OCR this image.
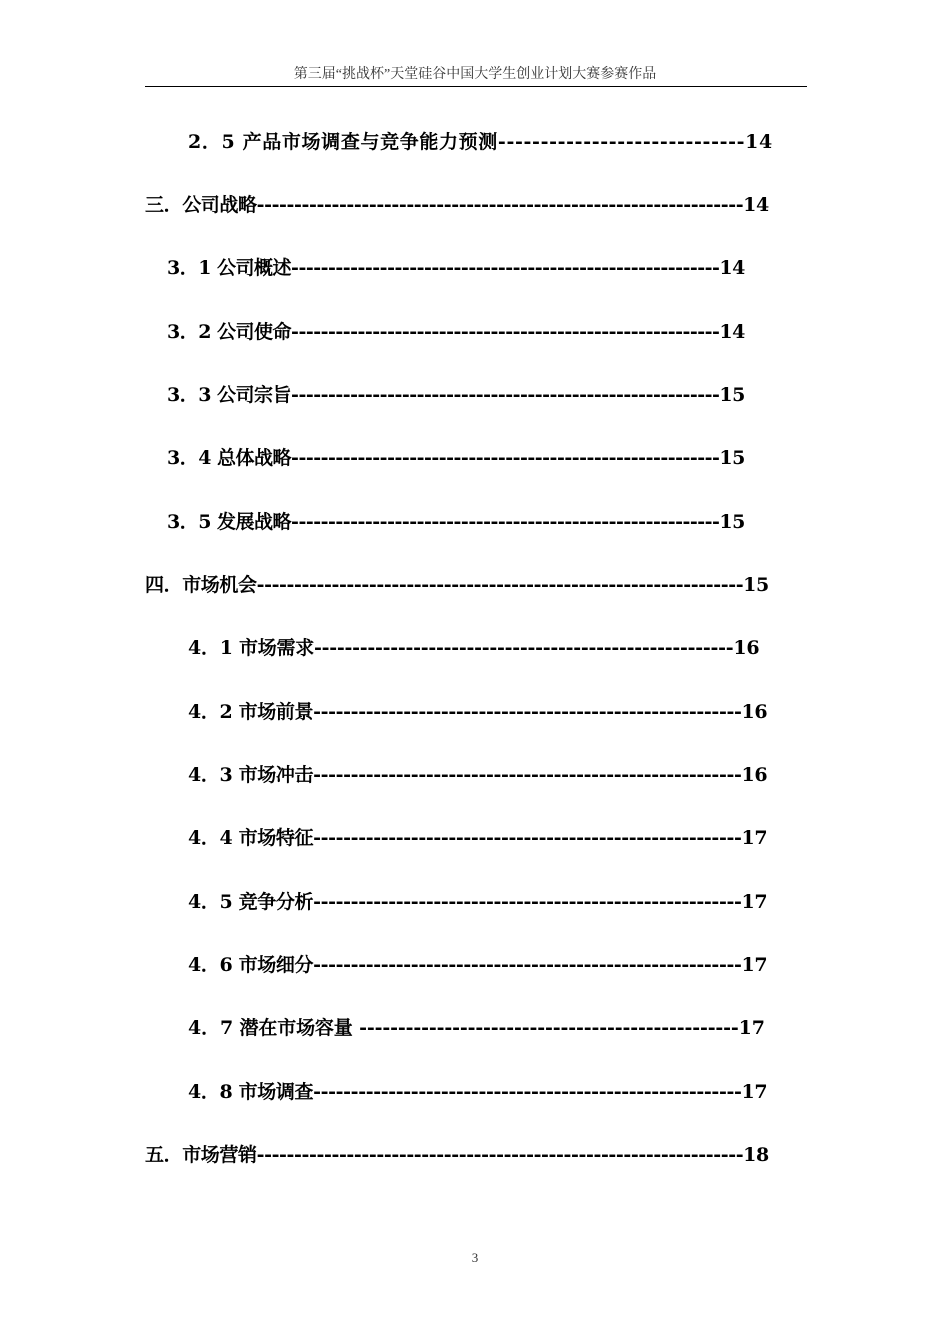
第三届“挑战杯”天堂硅谷中国大学生创业计划大赛参赛作品
2．5 产品市场调查与竞争能力预测-----------------------------14
三．公司战略-----------------------------------------------------------------14
3．1 公司概述----------------------------------------------------------14
3．2 公司使命----------------------------------------------------------14
3．3 公司宗旨----------------------------------------------------------15
3．4 总体战略----------------------------------------------------------15
3．5 发展战略----------------------------------------------------------15
四．市场机会-----------------------------------------------------------------15
4．1 市场需求-------------------------------------------------------16
4．2 市场前景---------------------------------------------------------16
4．3 市场冲击---------------------------------------------------------16
4．4 市场特征---------------------------------------------------------17
4．5 竞争分析---------------------------------------------------------17
4．6 市场细分---------------------------------------------------------17
4．7 潜在市场容量 -------------------------------------------------17
4．8 市场调查---------------------------------------------------------17
五．市场营销-----------------------------------------------------------------18
3
